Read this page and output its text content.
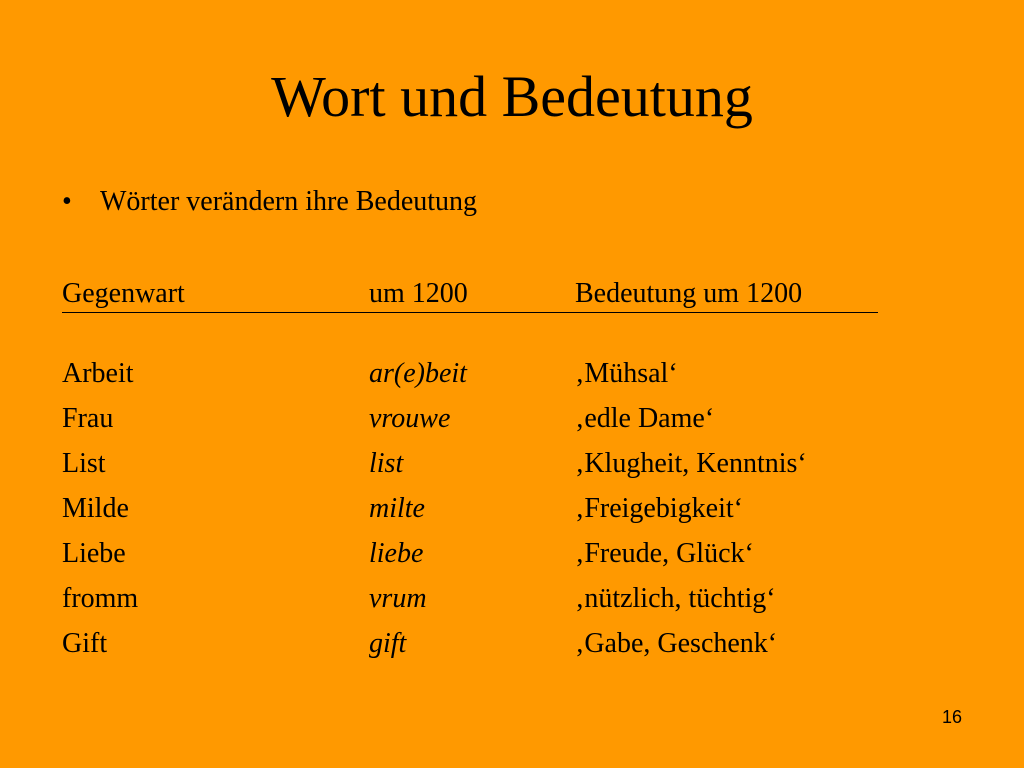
Wort und Bedeutung
• Wörter verändern ihre Bedeutung
Gegenwart	um 1200	Bedeutung um 1200
Arbeit	ar(e)beit	‚Mühsal‘
Frau	vrouwe	‚edle Dame‘
List	list	‚Klugheit, Kenntnis‘
Milde	milte	‚Freigebigkeit‘
Liebe	liebe	‚Freude, Glück‘
fromm	vrum	‚nützlich, tüchtig‘
Gift	gift	‚Gabe, Geschenk‘
16
